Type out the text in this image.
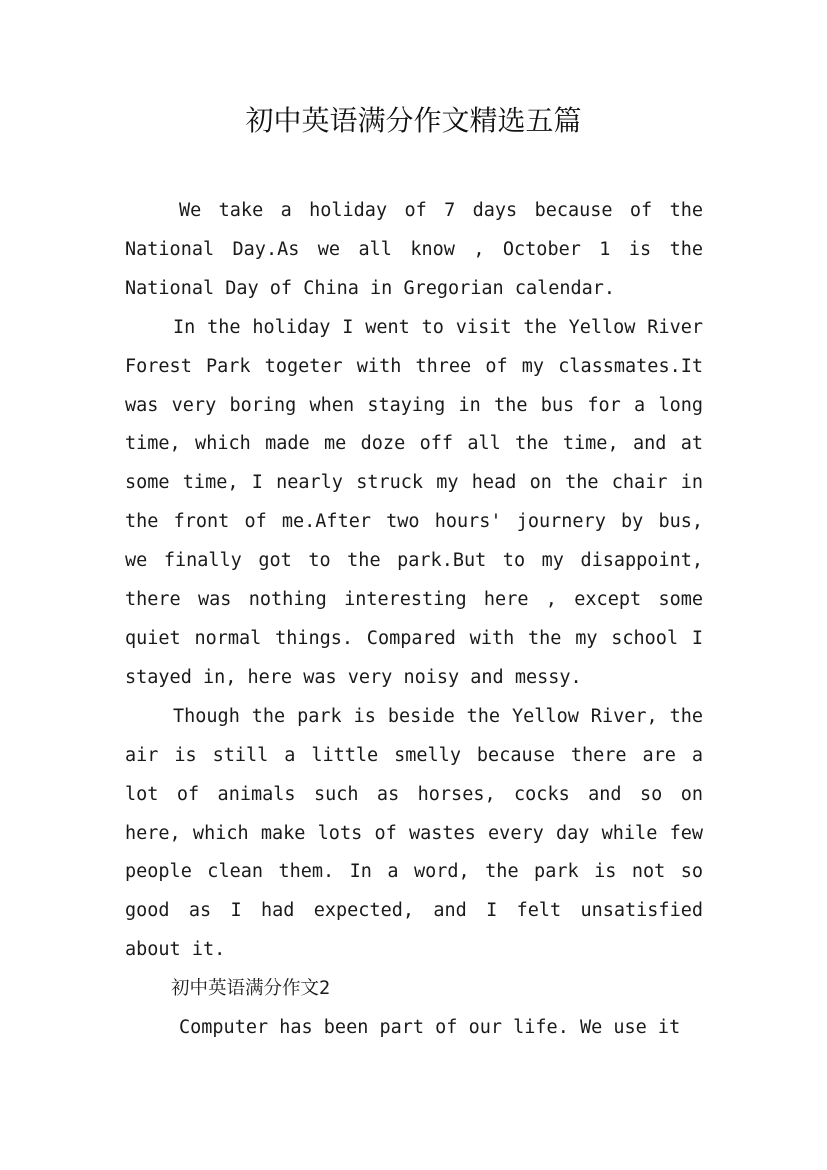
初中英语满分作文精选五篇

We take a holiday of 7 days because of the National Day.As we all know , October 1 is the National Day of China in Gregorian calendar.

In the holiday I went to visit the Yellow River Forest Park togeter with three of my classmates.It was very boring when staying in the bus for a long time, which made me doze off all the time, and at some time, I nearly struck my head on the chair in the front of me.After two hours' journery by bus, we finally got to the park.But to my disappoint, there was nothing interesting here , except some quiet normal things. Compared with the my school I stayed in, here was very noisy and messy.

Though the park is beside the Yellow River, the air is still a little smelly because there are a lot of animals such as horses, cocks and so on here, which make lots of wastes every day while few people clean them. In a word, the park is not so good as I had expected, and I felt unsatisfied about it.

初中英语满分作文2

Computer has been part of our life. We use it
